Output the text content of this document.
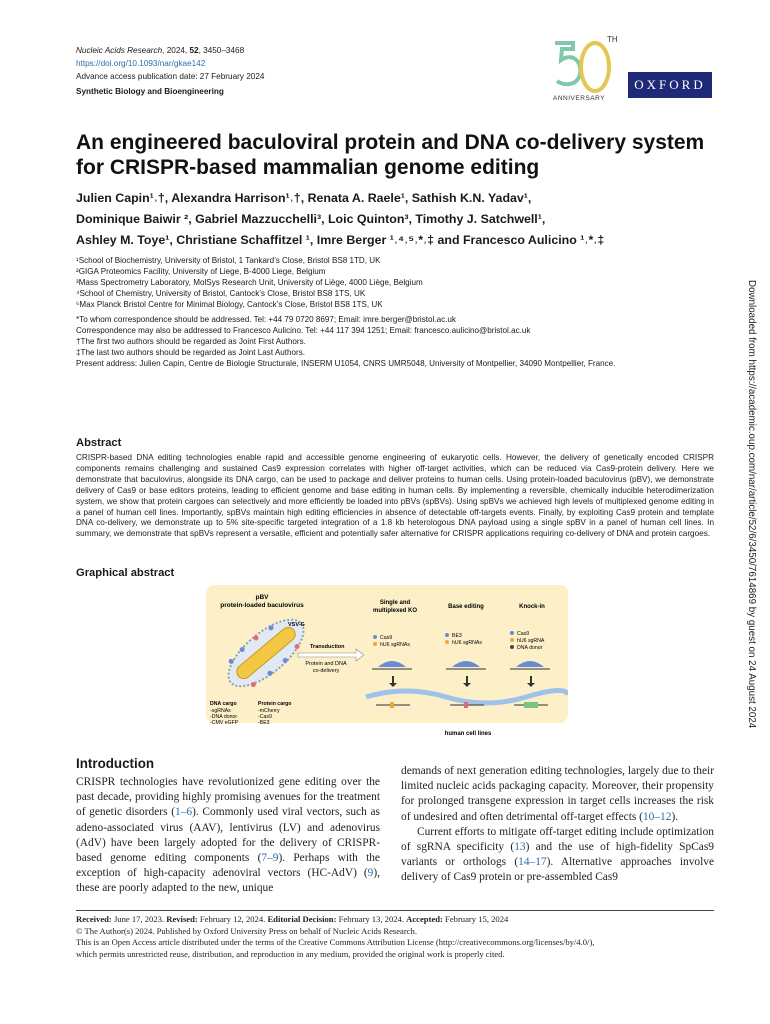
Nucleic Acids Research, 2024, 52, 3450–3468
https://doi.org/10.1093/nar/gkae142
Advance access publication date: 27 February 2024
Synthetic Biology and Bioengineering
TH
ANNIVERSARY
OXFORD
An engineered baculoviral protein and DNA co-delivery system for CRISPR-based mammalian genome editing
Julien Capin¹˒†, Alexandra Harrison¹˒†, Renata A. Raele¹, Sathish K.N. Yadav¹,
Dominique Baiwir ², Gabriel Mazzucchelli³, Loic Quinton³, Timothy J. Satchwell¹,
Ashley M. Toye¹, Christiane Schaffitzel ¹, Imre Berger ¹˒⁴˒⁵˒*˒‡ and Francesco Aulicino ¹˒*˒‡
¹School of Biochemistry, University of Bristol, 1 Tankard’s Close, Bristol BS8 1TD, UK
²GIGA Proteomics Facility, University of Liege, B-4000 Liege, Belgium
³Mass Spectrometry Laboratory, MolSys Research Unit, University of Liège, 4000 Liège, Belgium
⁴School of Chemistry, University of Bristol, Cantock’s Close, Bristol BS8 1TS, UK
⁵Max Planck Bristol Centre for Minimal Biology, Cantock’s Close, Bristol BS8 1TS, UK
*To whom correspondence should be addressed. Tel: +44 79 0720 8697; Email: imre.berger@bristol.ac.uk
Correspondence may also be addressed to Francesco Aulicino. Tel: +44 117 394 1251; Email: francesco.aulicino@bristol.ac.uk
†The first two authors should be regarded as Joint First Authors.
‡The last two authors should be regarded as Joint Last Authors.
Present address: Julien Capin, Centre de Biologie Structurale, INSERM U1054, CNRS UMR5048, University of Montpellier, 34090 Montpellier, France.	Downloaded from https://academic.oup.com/nar/article/52/6/3450/7614869 by guest on 24 August 2024
Abstract
CRISPR-based DNA editing technologies enable rapid and accessible genome engineering of eukaryotic cells. However, the delivery of genetically encoded CRISPR components remains challenging and sustained Cas9 expression correlates with higher off-target activities, which can be reduced via Cas9-protein delivery. Here we demonstrate that baculovirus, alongside its DNA cargo, can be used to package and deliver proteins to human cells. Using protein-loaded baculovirus (pBV), we demonstrate delivery of Cas9 or base editors proteins, leading to efficient genome and base editing in human cells. By implementing a reversible, chemically inducible heterodimerization system, we show that protein cargoes can selectively and more efficiently be loaded into pBVs (spBVs). Using spBVs we achieved high levels of multiplexed genome editing in a panel of human cell lines. Importantly, spBVs maintain high editing efficiencies in absence of detectable off-targets events. Finally, by exploiting Cas9 protein and template DNA co-delivery, we demonstrate up to 5% site-specific targeted integration of a 1.8 kb heterologous DNA payload using a single spBV in a panel of human cell lines. In summary, we demonstrate that spBVs represent a versatile, efficient and potentially safer alternative for CRISPR applications requiring co-delivery of DNA and protein cargoes.
Graphical abstract
pBV
protein-loaded baculovirus
VSV-G
Transduction
Protein and DNA
co-delivery
DNA cargo
-sgRNAs
-DNA donor
-CMV eGFP
Protein cargo
-mCherry
-Cas9
-BE3
Single and
multiplexed KO
Base editing	Knock-in
Cas9
hU6 sgRNAs
BE3
hU6 sgRNAs
Cas9
hU6 sgRNA
DNA donor
human cell lines
Introduction

CRISPR technologies have revolutionized gene editing over the past decade, providing highly promising avenues for the treatment of genetic disorders (1–6). Commonly used viral vectors, such as adeno-associated virus (AAV), lentivirus (LV) and adenovirus (AdV) have been largely adopted for the delivery of CRISPR-based genome editing components (7–9). Perhaps with the exception of high-capacity adenoviral vectors (HC-AdV) (9), these are poorly adapted to the new, unique

demands of next generation editing technologies, largely due to their limited nucleic acids packaging capacity. Moreover, their propensity for prolonged transgene expression in target cells increases the risk of undesired and often detrimental off-target effects (10–12).

Current efforts to mitigate off-target editing include optimization of sgRNA specificity (13) and the use of high-fidelity SpCas9 variants or orthologs (14–17). Alternative approaches involve delivery of Cas9 protein or pre-assembled Cas9

Received: June 17, 2023. Revised: February 12, 2024. Editorial Decision: February 13, 2024. Accepted: February 15, 2024
© The Author(s) 2024. Published by Oxford University Press on behalf of Nucleic Acids Research.
This is an Open Access article distributed under the terms of the Creative Commons Attribution License (http://creativecommons.org/licenses/by/4.0/),
which permits unrestricted reuse, distribution, and reproduction in any medium, provided the original work is properly cited.
